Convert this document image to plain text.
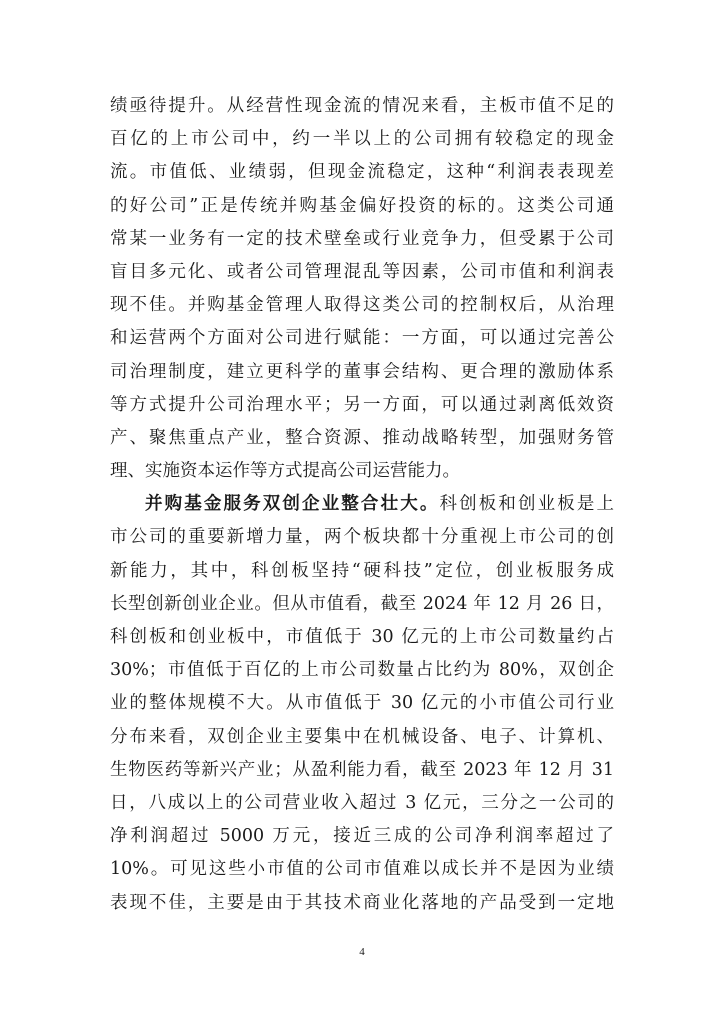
绩亟待提升。从经营性现金流的情况来看，主板市值不足的
百亿的上市公司中，约一半以上的公司拥有较稳定的现金
流。市值低、业绩弱，但现金流稳定，这种“利润表表现差
的好公司”正是传统并购基金偏好投资的标的。这类公司通
常某一业务有一定的技术壁垒或行业竞争力，但受累于公司
盲目多元化、或者公司管理混乱等因素，公司市值和利润表
现不佳。并购基金管理人取得这类公司的控制权后，从治理
和运营两个方面对公司进行赋能：一方面，可以通过完善公
司治理制度，建立更科学的董事会结构、更合理的激励体系
等方式提升公司治理水平；另一方面，可以通过剥离低效资
产、聚焦重点产业，整合资源、推动战略转型，加强财务管
理、实施资本运作等方式提高公司运营能力。
并购基金服务双创企业整合壮大。科创板和创业板是上
市公司的重要新增力量，两个板块都十分重视上市公司的创
新能力，其中，科创板坚持“硬科技”定位，创业板服务成
长型创新创业企业。但从市值看，截至 2024 年 12 月 26 日，
科创板和创业板中，市值低于 30 亿元的上市公司数量约占
30%；市值低于百亿的上市公司数量占比约为 80%，双创企
业的整体规模不大。从市值低于 30 亿元的小市值公司行业
分布来看，双创企业主要集中在机械设备、电子、计算机、
生物医药等新兴产业；从盈利能力看，截至 2023 年 12 月 31
日，八成以上的公司营业收入超过 3 亿元，三分之一公司的
净利润超过 5000 万元，接近三成的公司净利润率超过了
10%。可见这些小市值的公司市值难以成长并不是因为业绩
表现不佳，主要是由于其技术商业化落地的产品受到一定地
4
